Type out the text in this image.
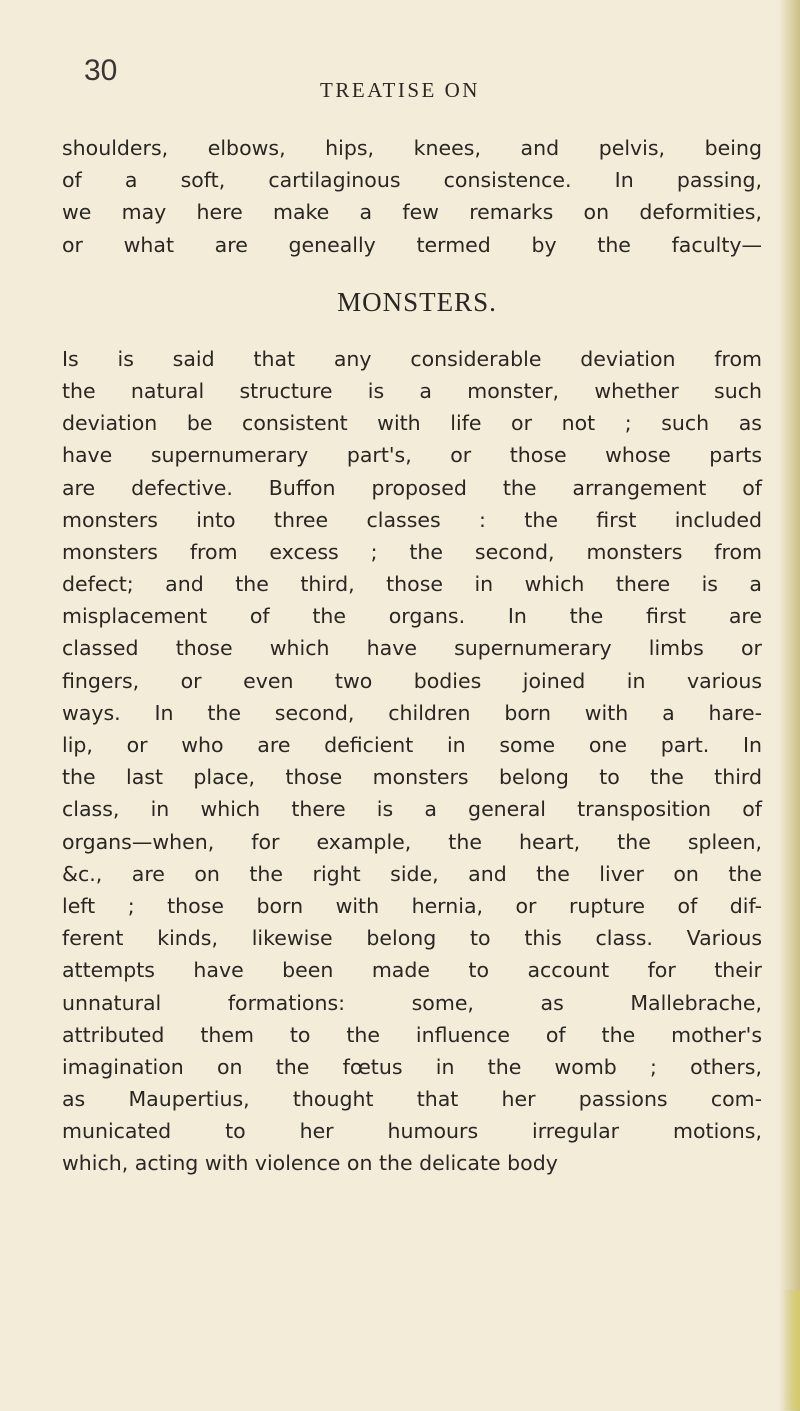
30
TREATISE ON
shoulders, elbows, hips, knees, and pelvis, being
of a soft, cartilaginous consistence. In passing,
we may here make a few remarks on deformities,
or what are geneally termed by the faculty—
MONSTERS.
Is is said that any considerable deviation from
the natural structure is a monster, whether such
deviation be consistent with life or not ; such as
have supernumerary part's, or those whose parts
are defective. Buffon proposed the arrangement of
monsters into three classes : the first included
monsters from excess ; the second, monsters from
defect; and the third, those in which there is a
misplacement of the organs. In the first are
classed those which have supernumerary limbs or
fingers, or even two bodies joined in various
ways. In the second, children born with a hare-
lip, or who are deficient in some one part. In
the last place, those monsters belong to the third
class, in which there is a general transposition of
organs—when, for example, the heart, the spleen,
&c., are on the right side, and the liver on the
left ; those born with hernia, or rupture of dif-
ferent kinds, likewise belong to this class. Various
attempts have been made to account for their
unnatural formations: some, as Mallebrache,
attributed them to the influence of the mother's
imagination on the fœtus in the womb ; others,
as Maupertius, thought that her passions com-
municated to her humours irregular motions,
which, acting with violence on the delicate body
